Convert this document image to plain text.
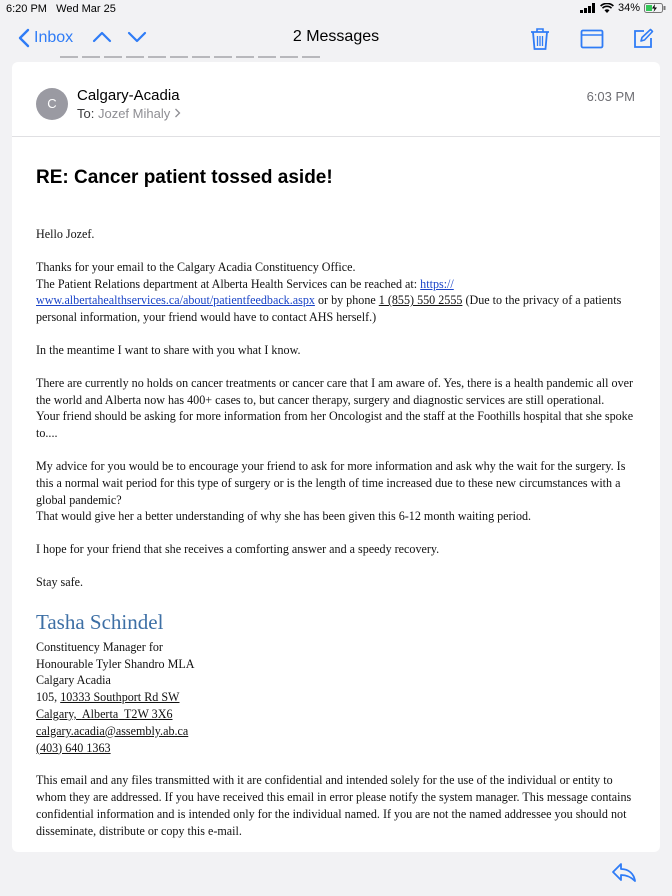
6:20 PM Wed Mar 25	34%
Inbox	2 Messages
C	Calgary-Acadia
To: Jozef Mihaly
6:03 PM
RE: Cancer patient tossed aside!

Hello Jozef.

Thanks for your email to the Calgary Acadia Constituency Office.
The Patient Relations department at Alberta Health Services can be reached at: https://
www.albertahealthservices.ca/about/patientfeedback.aspx or by phone 1 (855) 550 2555 (Due to the privacy of a patients personal information, your friend would have to contact AHS herself.)

In the meantime I want to share with you what I know.

There are currently no holds on cancer treatments or cancer care that I am aware of. Yes, there is a health pandemic all over the world and Alberta now has 400+ cases to, but cancer therapy, surgery and diagnostic services are still operational.
Your friend should be asking for more information from her Oncologist and the staff at the Foothills hospital that she spoke to....

My advice for you would be to encourage your friend to ask for more information and ask why the wait for the surgery. Is this a normal wait period for this type of surgery or is the length of time increased due to these new circumstances with a global pandemic?
That would give her a better understanding of why she has been given this 6-12 month waiting period.

I hope for your friend that she receives a comforting answer and a speedy recovery.

Stay safe.

Tasha Schindel
Constituency Manager for
Honourable Tyler Shandro MLA
Calgary Acadia
105, 10333 Southport Rd SW
Calgary, Alberta T2W 3X6
calgary.acadia@assembly.ab.ca
(403) 640 1363

This email and any files transmitted with it are confidential and intended solely for the use of the individual or entity to whom they are addressed. If you have received this email in error please notify the system manager. This message contains confidential information and is intended only for the individual named. If you are not the named addressee you should not disseminate, distribute or copy this e-mail.
